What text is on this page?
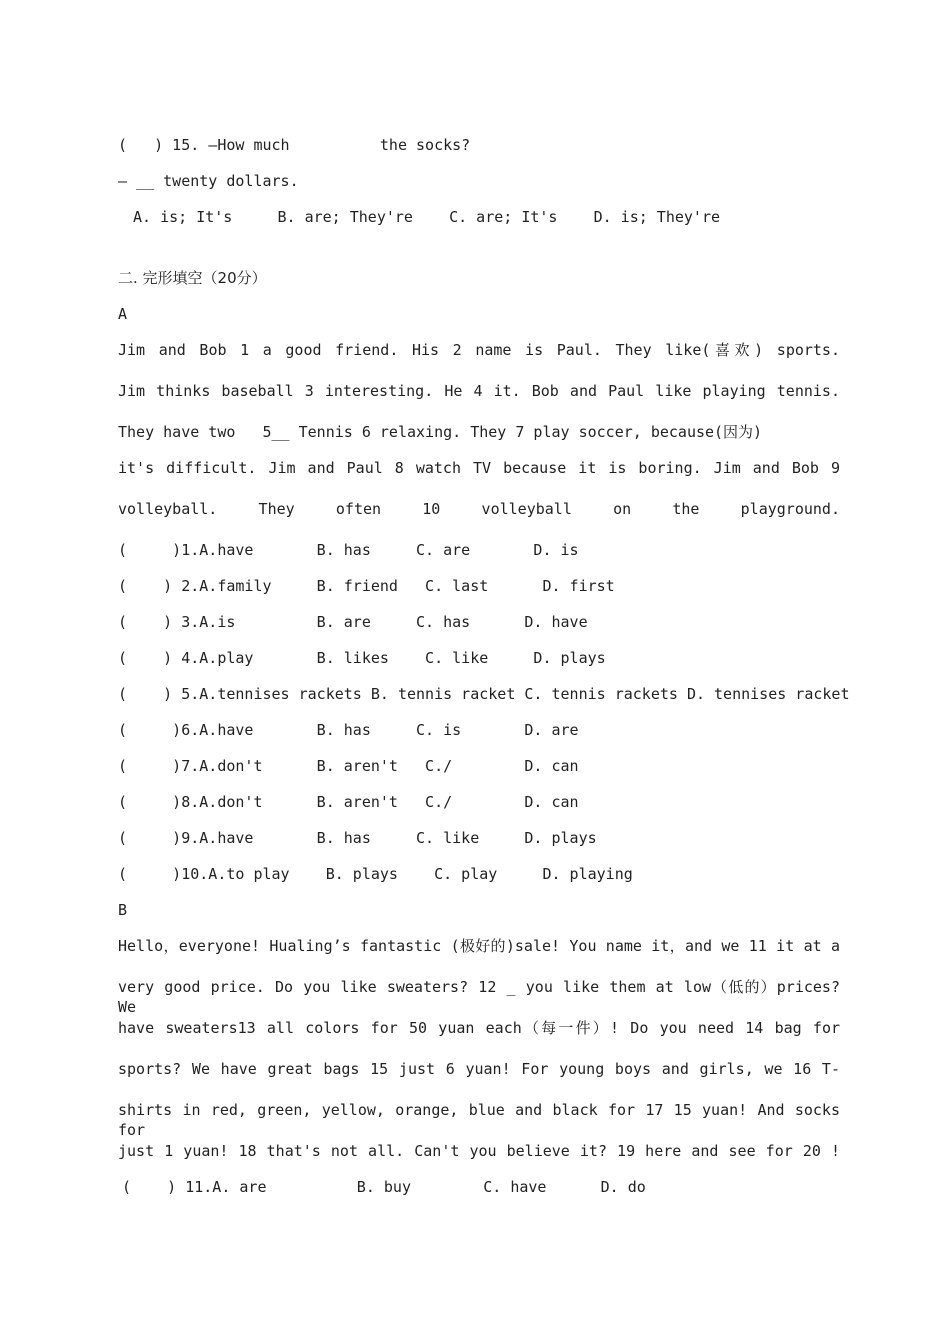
(   ) 15. —How much          the socks?
— __ twenty dollars.
A. is; It's     B. are; They're    C. are; It's    D. is; They're
二. 完形填空（20分）
A
Jim and Bob 1 a good friend. His 2 name is Paul. They like(喜欢) sports.
Jim thinks baseball 3 interesting. He 4 it. Bob and Paul like playing tennis.
They have two   5__ Tennis 6 relaxing. They 7 play soccer, because(因为)
it's difficult. Jim and Paul 8 watch TV because it is boring. Jim and Bob 9
volleyball. They often 10 volleyball on the playground.
(     )1.A.have       B. has     C. are       D. is
(    ) 2.A.family     B. friend   C. last      D. first
(    ) 3.A.is         B. are     C. has      D. have
(    ) 4.A.play       B. likes    C. like     D. plays
(    ) 5.A.tennises rackets B. tennis racket C. tennis rackets D. tennises racket
(     )6.A.have       B. has     C. is       D. are
(     )7.A.don't      B. aren't   C./        D. can
(     )8.A.don't      B. aren't   C./        D. can
(     )9.A.have       B. has     C. like     D. plays
(     )10.A.to play    B. plays    C. play     D. playing
B
Hello，everyone! Hualing’s fantastic (极好的)sale! You name it，and we 11 it at a
very good price. Do you like sweaters? 12 _ you like them at low（低的）prices? We
have sweaters13 all colors for 50 yuan each（每一件）! Do you need 14 bag for
sports? We have great bags 15 just 6 yuan! For young boys and girls, we 16 T-
shirts in red, green, yellow, orange, blue and black for 17 15 yuan! And socks for
just 1 yuan! 18 that's not all. Can't you believe it? 19 here and see for 20 !
(    ) 11.A. are          B. buy        C. have      D. do
